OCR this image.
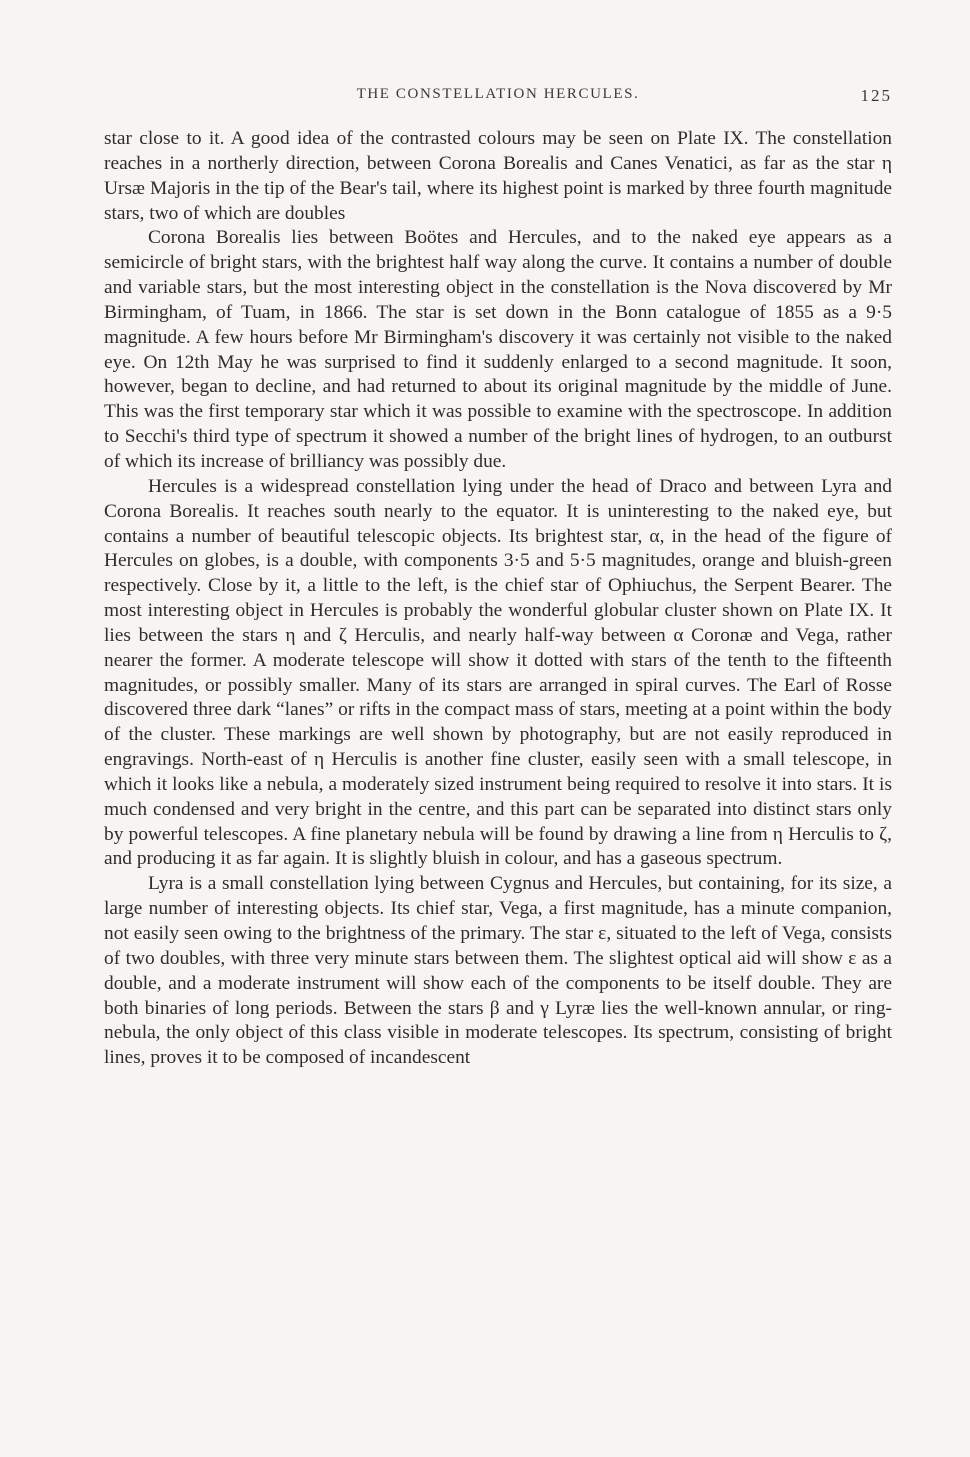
THE CONSTELLATION HERCULES.	125

star close to it. A good idea of the contrasted colours may be seen on Plate IX. The constellation reaches in a northerly direction, between Corona Borealis and Canes Venatici, as far as the star η Ursæ Majoris in the tip of the Bear's tail, where its highest point is marked by three fourth magnitude stars, two of which are doubles

Corona Borealis lies between Boötes and Hercules, and to the naked eye appears as a semicircle of bright stars, with the brightest half way along the curve. It contains a number of double and variable stars, but the most interesting object in the constellation is the Nova discoverεd by Mr Birmingham, of Tuam, in 1866. The star is set down in the Bonn catalogue of 1855 as a 9·5 magnitude. A few hours before Mr Birmingham's discovery it was certainly not visible to the naked eye. On 12th May he was surprised to find it suddenly enlarged to a second magnitude. It soon, however, began to decline, and had returned to about its original magnitude by the middle of June. This was the first temporary star which it was possible to examine with the spectroscope. In addition to Secchi's third type of spectrum it showed a number of the bright lines of hydrogen, to an outburst of which its increase of brilliancy was possibly due.

Hercules is a widespread constellation lying under the head of Draco and between Lyra and Corona Borealis. It reaches south nearly to the equator. It is uninteresting to the naked eye, but contains a number of beautiful telescopic objects. Its brightest star, α, in the head of the figure of Hercules on globes, is a double, with components 3·5 and 5·5 magnitudes, orange and bluish-green respectively. Close by it, a little to the left, is the chief star of Ophiuchus, the Serpent Bearer. The most interesting object in Hercules is probably the wonderful globular cluster shown on Plate IX. It lies between the stars η and ζ Herculis, and nearly half-way between α Coronæ and Vega, rather nearer the former. A moderate telescope will show it dotted with stars of the tenth to the fifteenth magnitudes, or possibly smaller. Many of its stars are arranged in spiral curves. The Earl of Rosse discovered three dark “lanes” or rifts in the compact mass of stars, meeting at a point within the body of the cluster. These markings are well shown by photography, but are not easily reproduced in engravings. North-east of η Herculis is another fine cluster, easily seen with a small telescope, in which it looks like a nebula, a moderately sized instrument being required to resolve it into stars. It is much condensed and very bright in the centre, and this part can be separated into distinct stars only by powerful telescopes. A fine planetary nebula will be found by drawing a line from η Herculis to ζ, and producing it as far again. It is slightly bluish in colour, and has a gaseous spectrum.

Lyra is a small constellation lying between Cygnus and Hercules, but containing, for its size, a large number of interesting objects. Its chief star, Vega, a first magnitude, has a minute companion, not easily seen owing to the brightness of the primary. The star ε, situated to the left of Vega, consists of two doubles, with three very minute stars between them. The slightest optical aid will show ε as a double, and a moderate instrument will show each of the components to be itself double. They are both binaries of long periods. Between the stars β and γ Lyræ lies the well-known annular, or ring-nebula, the only object of this class visible in moderate telescopes. Its spectrum, consisting of bright lines, proves it to be composed of incandescent
